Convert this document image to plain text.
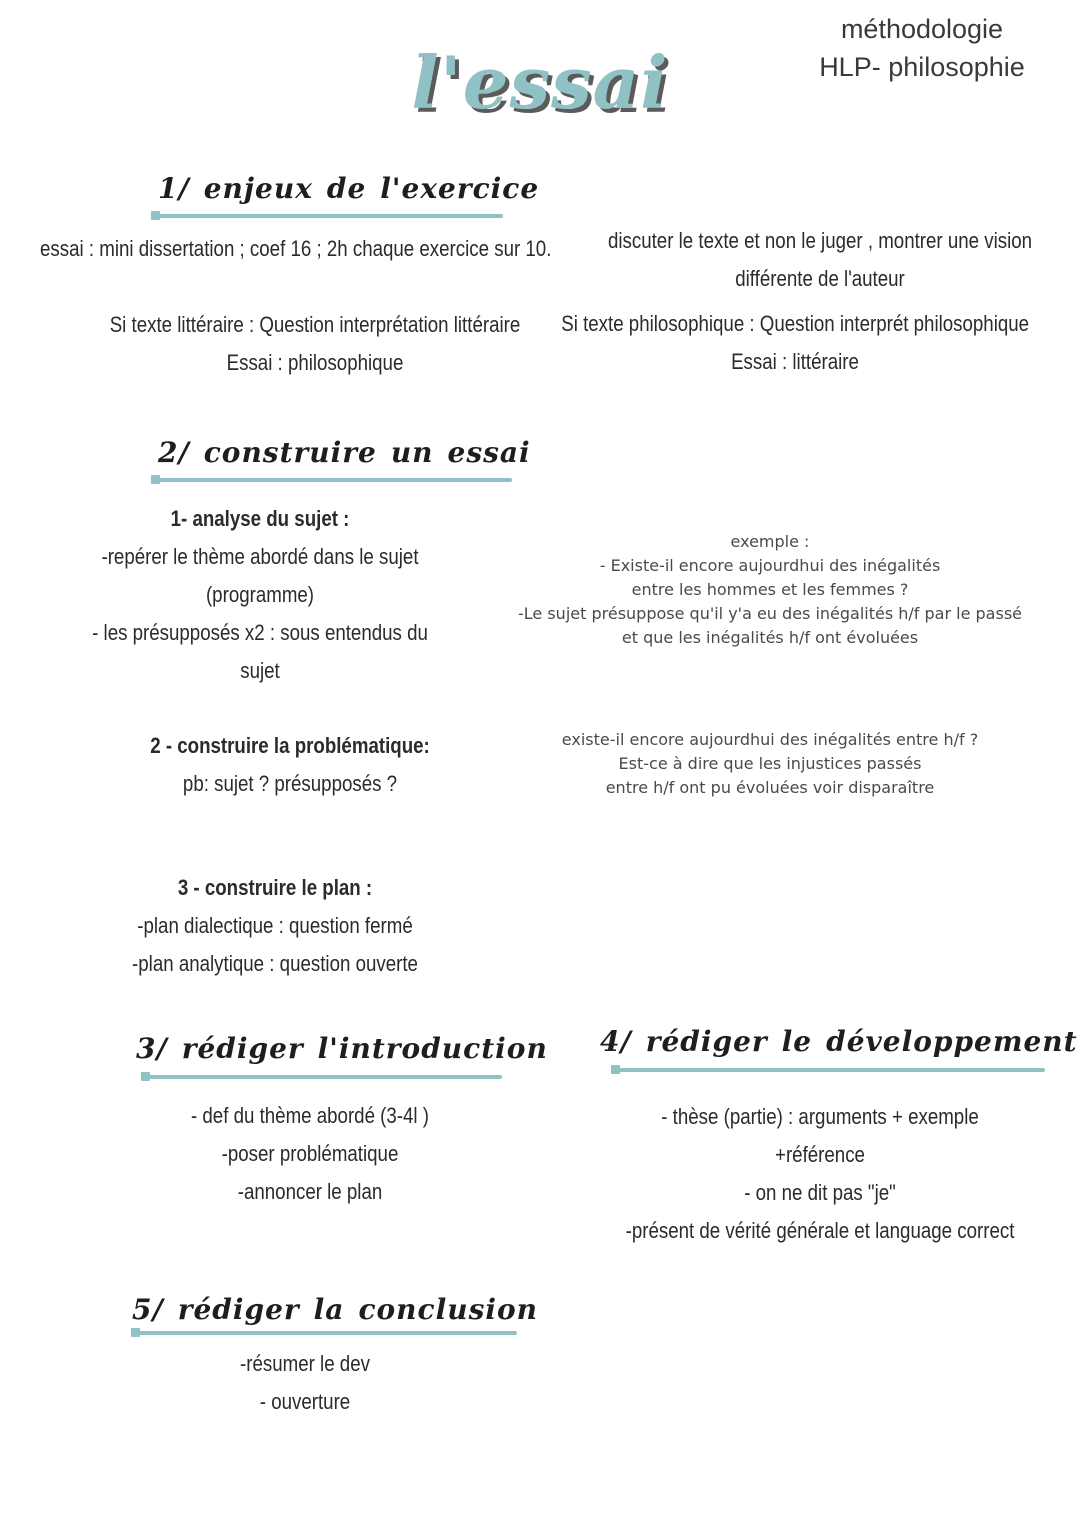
méthodologie
HLP- philosophie
l'essai
1/ enjeux de l'exercice
essai : mini dissertation ; coef 16 ; 2h chaque exercice sur 10.	discuter le texte et non le juger , montrer une vision
différente de l'auteur
Si texte littéraire : Question interprétation littéraire
Essai : philosophique
Si texte philosophique : Question interprét philosophique
Essai : littéraire
2/ construire un essai
1- analyse du sujet :
-repérer le thème abordé dans le sujet
(programme)
- les présupposés x2 : sous entendus du
sujet
exemple :
- Existe-il encore aujourdhui des inégalités
entre les hommes et les femmes ?
-Le sujet présuppose qu'il y'a eu des inégalités h/f par le passé
et que les inégalités h/f ont évoluées
2 - construire la problématique:
pb: sujet ? présupposés ?
existe-il encore aujourdhui des inégalités entre h/f ?
Est-ce à dire que les injustices passés
entre h/f ont pu évoluées voir disparaître
3 - construire le plan :
-plan dialectique : question fermé
-plan analytique : question ouverte
3/ rédiger l'introduction
- def du thème abordé (3-4l )
-poser problématique
-annoncer le plan
4/ rédiger le développement
- thèse (partie) : arguments + exemple
+référence
- on ne dit pas "je"
-présent de vérité générale et language correct
5/ rédiger la conclusion
-résumer le dev
- ouverture
